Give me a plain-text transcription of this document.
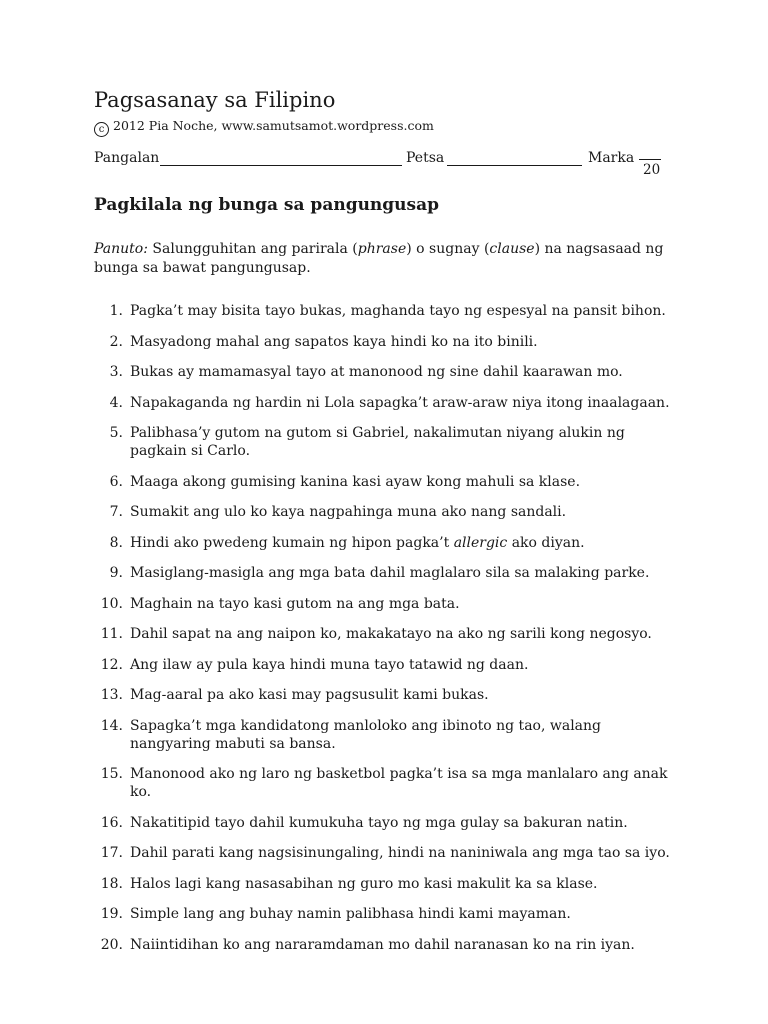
Pagsasanay sa Filipino
c 2012 Pia Noche, www.samutsamot.wordpress.com
Pangalan	Petsa	Marka
20
Pagkilala ng bunga sa pangungusap
Panuto: Salungguhitan ang parirala (phrase) o sugnay (clause) na nagsasaad ng bunga sa bawat pangungusap.
1. Pagka’t may bisita tayo bukas, maghanda tayo ng espesyal na pansit bihon.
2. Masyadong mahal ang sapatos kaya hindi ko na ito binili.
3. Bukas ay mamamasyal tayo at manonood ng sine dahil kaarawan mo.
4. Napakaganda ng hardin ni Lola sapagka’t araw-araw niya itong inaalagaan.
5. Palibhasa’y gutom na gutom si Gabriel, nakalimutan niyang alukin ng pagkain si Carlo.
6. Maaga akong gumising kanina kasi ayaw kong mahuli sa klase.
7. Sumakit ang ulo ko kaya nagpahinga muna ako nang sandali.
8. Hindi ako pwedeng kumain ng hipon pagka’t allergic ako diyan.
9. Masiglang-masigla ang mga bata dahil maglalaro sila sa malaking parke.
10. Maghain na tayo kasi gutom na ang mga bata.
11. Dahil sapat na ang naipon ko, makakatayo na ako ng sarili kong negosyo.
12. Ang ilaw ay pula kaya hindi muna tayo tatawid ng daan.
13. Mag-aaral pa ako kasi may pagsusulit kami bukas.
14. Sapagka’t mga kandidatong manloloko ang ibinoto ng tao, walang nangyaring mabuti sa bansa.
15. Manonood ako ng laro ng basketbol pagka’t isa sa mga manlalaro ang anak ko.
16. Nakatitipid tayo dahil kumukuha tayo ng mga gulay sa bakuran natin.
17. Dahil parati kang nagsisinungaling, hindi na naniniwala ang mga tao sa iyo.
18. Halos lagi kang nasasabihan ng guro mo kasi makulit ka sa klase.
19. Simple lang ang buhay namin palibhasa hindi kami mayaman.
20. Naiintidihan ko ang nararamdaman mo dahil naranasan ko na rin iyan.
